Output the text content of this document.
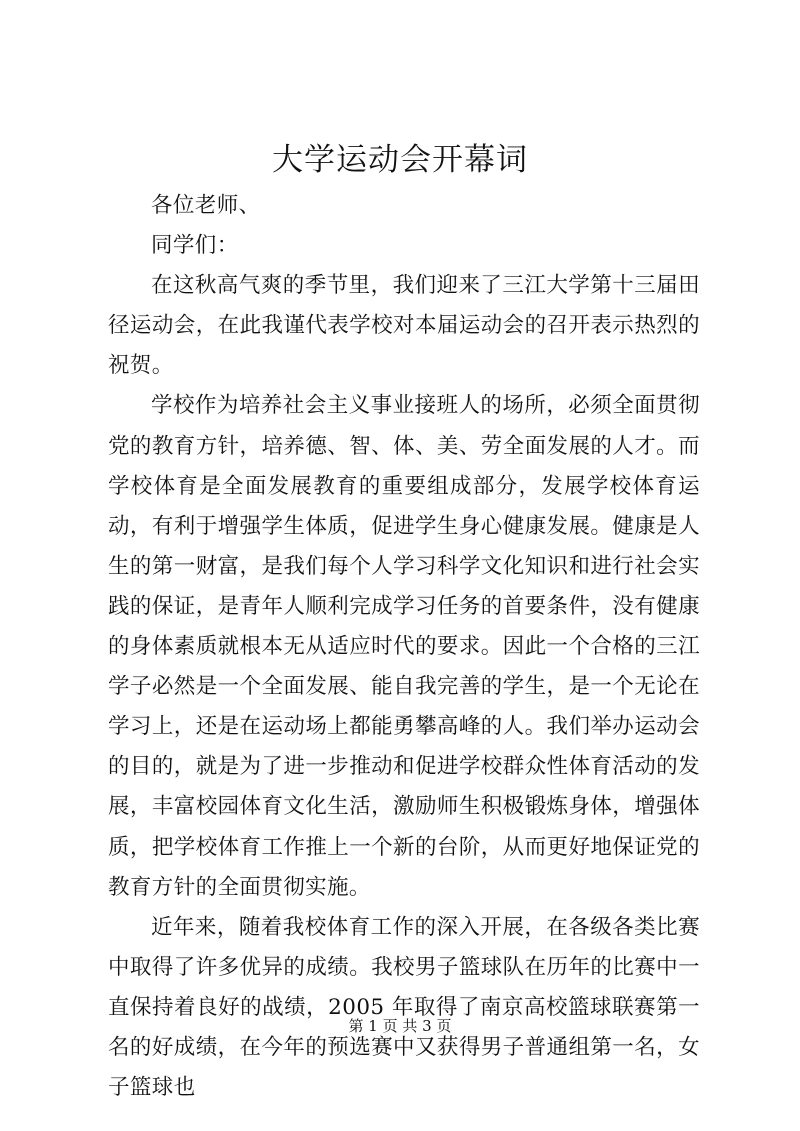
大学运动会开幕词

各位老师、

同学们：

在这秋高气爽的季节里，我们迎来了三江大学第十三届田径运动会，在此我谨代表学校对本届运动会的召开表示热烈的祝贺。

学校作为培养社会主义事业接班人的场所，必须全面贯彻党的教育方针，培养德、智、体、美、劳全面发展的人才。而学校体育是全面发展教育的重要组成部分，发展学校体育运动，有利于增强学生体质，促进学生身心健康发展。健康是人生的第一财富，是我们每个人学习科学文化知识和进行社会实践的保证，是青年人顺利完成学习任务的首要条件，没有健康的身体素质就根本无从适应时代的要求。因此一个合格的三江学子必然是一个全面发展、能自我完善的学生，是一个无论在学习上，还是在运动场上都能勇攀高峰的人。我们举办运动会的目的，就是为了进一步推动和促进学校群众性体育活动的发展，丰富校园体育文化生活，激励师生积极锻炼身体，增强体质，把学校体育工作推上一个新的台阶，从而更好地保证党的教育方针的全面贯彻实施。

近年来，随着我校体育工作的深入开展，在各级各类比赛中取得了许多优异的成绩。我校男子篮球队在历年的比赛中一直保持着良好的战绩，2005 年取得了南京高校篮球联赛第一名的好成绩，在今年的预选赛中又获得男子普通组第一名，女子篮球也

第 1 页 共 3 页
